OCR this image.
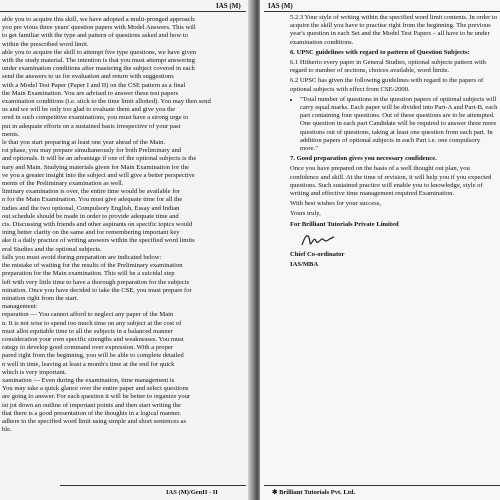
IAS (M)
able you to acquire this skill, we have adopted a multi-pronged approach:
you pre vious three years' question papers with Model Answers. This will
to get familiar with the type and pattern of questions asked and how to
within the prescribed word limit.
able you to acquire the skill to attempt five type questions, we have given
with the study material. The intention is that you must attempt answering
under examination conditions after mastering the subject covered in each
send the answers to us for evaluation and return with suggestions
with a Model Test Paper (Paper I and II) on the CSE pattern as a final
the Main Examination. You are advised to answer these test papers
examination conditions (i.e. stick to the time limit allotted). You may then send
us and we will be only too glad to evaluate them and give you the
ored in such competitive examinations, you must have a strong urge to
put in adequate efforts on a sustained basis irrespective of your past
ments.
le that you start preparing at least one year ahead of the Main.
rst phase, you may prepare simultaneously for both Preliminary and
and optionals. It will be an advantage if one of the optional subjects is the
nary and Main. Studying materials given for Main Examination for the
ve you a greater insight into the subject and will give a better perspective
ments of the Preliminary examination as well.
liminary examination is over, the entire time would be available for
n for the Main Examination. You must give adequate time for all the
tudies and the two optional, Compulsory English, Essay and Indian
out schedule should be made in order to provide adequate time and
cts. Discussing with friends and other aspirants on specific topics would
ining better clarity on the same and for remembering important key
ake it a daily practice of writing answers within the specified word limits
eral Studies and the optional subjects.
falls you must avoid during preparation are indicated below:
the mistake of waiting for the results of the Preliminary examination
preparation for the Main examination. This will be a suicidal step
left with very little time to have a thorough preparation for the subjects
mination. Once you have decided to take the CSE, you must prepare for
mination right from the start.
management:
reparation — You cannot afford to neglect any paper of the Main
n. It is not wise to spend too much time on any subject at the cost of
must allot equitable time to all the subjects in a balanced manner
consideration your own specific strengths and weaknesses. You must
rategy to develop good command over expression. With a proper
pared right from the beginning, you will be able to complete detailed
n well in time, leaving at least a month's time at the end for quick
which is very important.
xamination — Even during the examination, time management is
You may take a quick glance over the entire paper and select questions
are going to answer. For each question it will be better to organize your
ist jot down an outline of important points and then start writing the
that there is a good presentation of the thoughts in a logical manner.
adhere to the specified word limit using simple and short sentences as
ble.
IAS (M)/GenII - II
IAS (M)

5.2.3 Your style of writing within the specified word limit contents. In order to acquire the skill you have to practise right from the beginning. The previous year's question in each Set and the Model Test Papers – all have to be under examination conditions.

6. UPSC guidelines with regard to pattern of Question Subjects:

6.1 Hitherto every paper in General Studies, optional subjects pattern with regard to number of sections, choices available, word limits.

6.2 UPSC has given the following guidelines with regard to the papers of optional subjects with effect from CSE-2000.

• "Total number of questions in the question papers of optional subjects will carry equal marks. Each paper will be divided into Part-A and Part-B, each part containing four questions. Out of these questions are to be attempted. One question in each part Candidate will be required to answer three more questions out of questions, taking at least one question from each part. In addition papers of optional subjects in each Part i.e. one compulsory more."

7. Good preparation gives you necessary confidence.

Once you have prepared on the basis of a well thought out plan, you confidence and skill. At the time of revision, it will help you if you expected questions. Such sustained practice will enable you to knowledge, style of writing and effective time management required Examination.

With best wishes for your success,

Yours truly,

For Brilliant Tutorials Private Limited

Chief Co-ordinator

IAS/MBA

✱ Brilliant Tutorials Pvt. Ltd.
